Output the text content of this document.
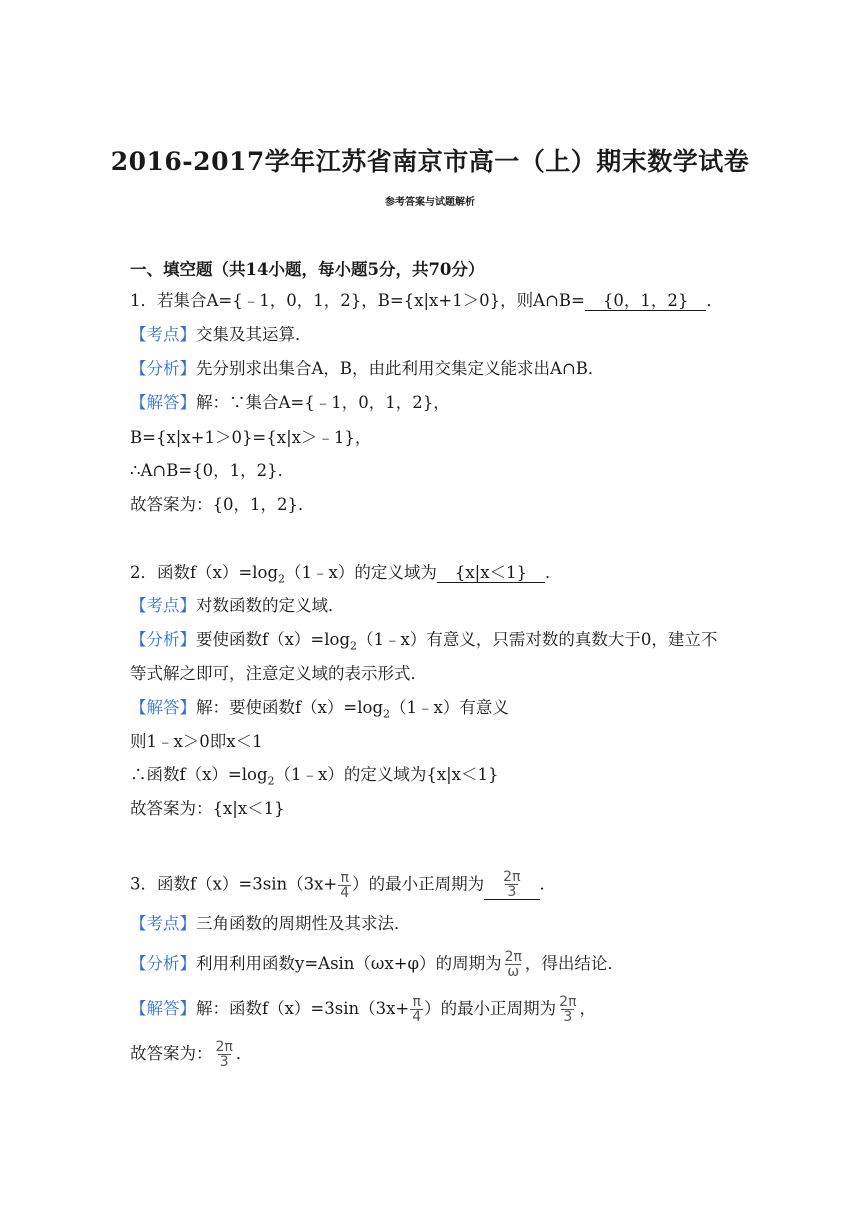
2016-2017学年江苏省南京市高一（上）期末数学试卷
参考答案与试题解析
一、填空题（共14小题，每小题5分，共70分）
1．若集合A={﹣1，0，1，2}，B={x|x+1＞0}，则A∩B= {0，1，2} ．
【考点】交集及其运算．
【分析】先分别求出集合A，B，由此利用交集定义能求出A∩B．
【解答】解：∵集合A={﹣1，0，1，2}，
B={x|x+1＞0}={x|x＞﹣1}，
∴A∩B={0，1，2}．
故答案为：{0，1，2}．
2．函数$f(x)=\log_2(1﹣x)$的定义域为 {x|x＜1} ．
【考点】对数函数的定义域．
【分析】要使函数$f(x)=\log_2(1﹣x)$有意义，只需对数的真数大于0，建立不
等式解之即可，注意定义域的表示形式．
【解答】解：要使函数$f(x)=\log_2(1﹣x)$有意义
则1﹣x＞0即x＜1
∴函数$f(x)=\log_2(1﹣x)$的定义域为{x|x＜1}
故答案为：{x|x＜1}
3．函数$f(x)=3\sin(3x+ \frac{\pi}{4}$ ）的最小正周期为 $\frac{2\pi}{3}$ ．
【考点】三角函数的周期性及其求法．
【分析】利用利用函数y=Asin（ωx+φ）的周期为 $\frac{2\pi}{\omega}$ ，得出结论．
【解答】解：函数$f(x)=3\sin(3x+ \frac{\pi}{4}$ ）的最小正周期为 $\frac{2\pi}{3}$ ，
故答案为： $\frac{2\pi}{3}$ ．
